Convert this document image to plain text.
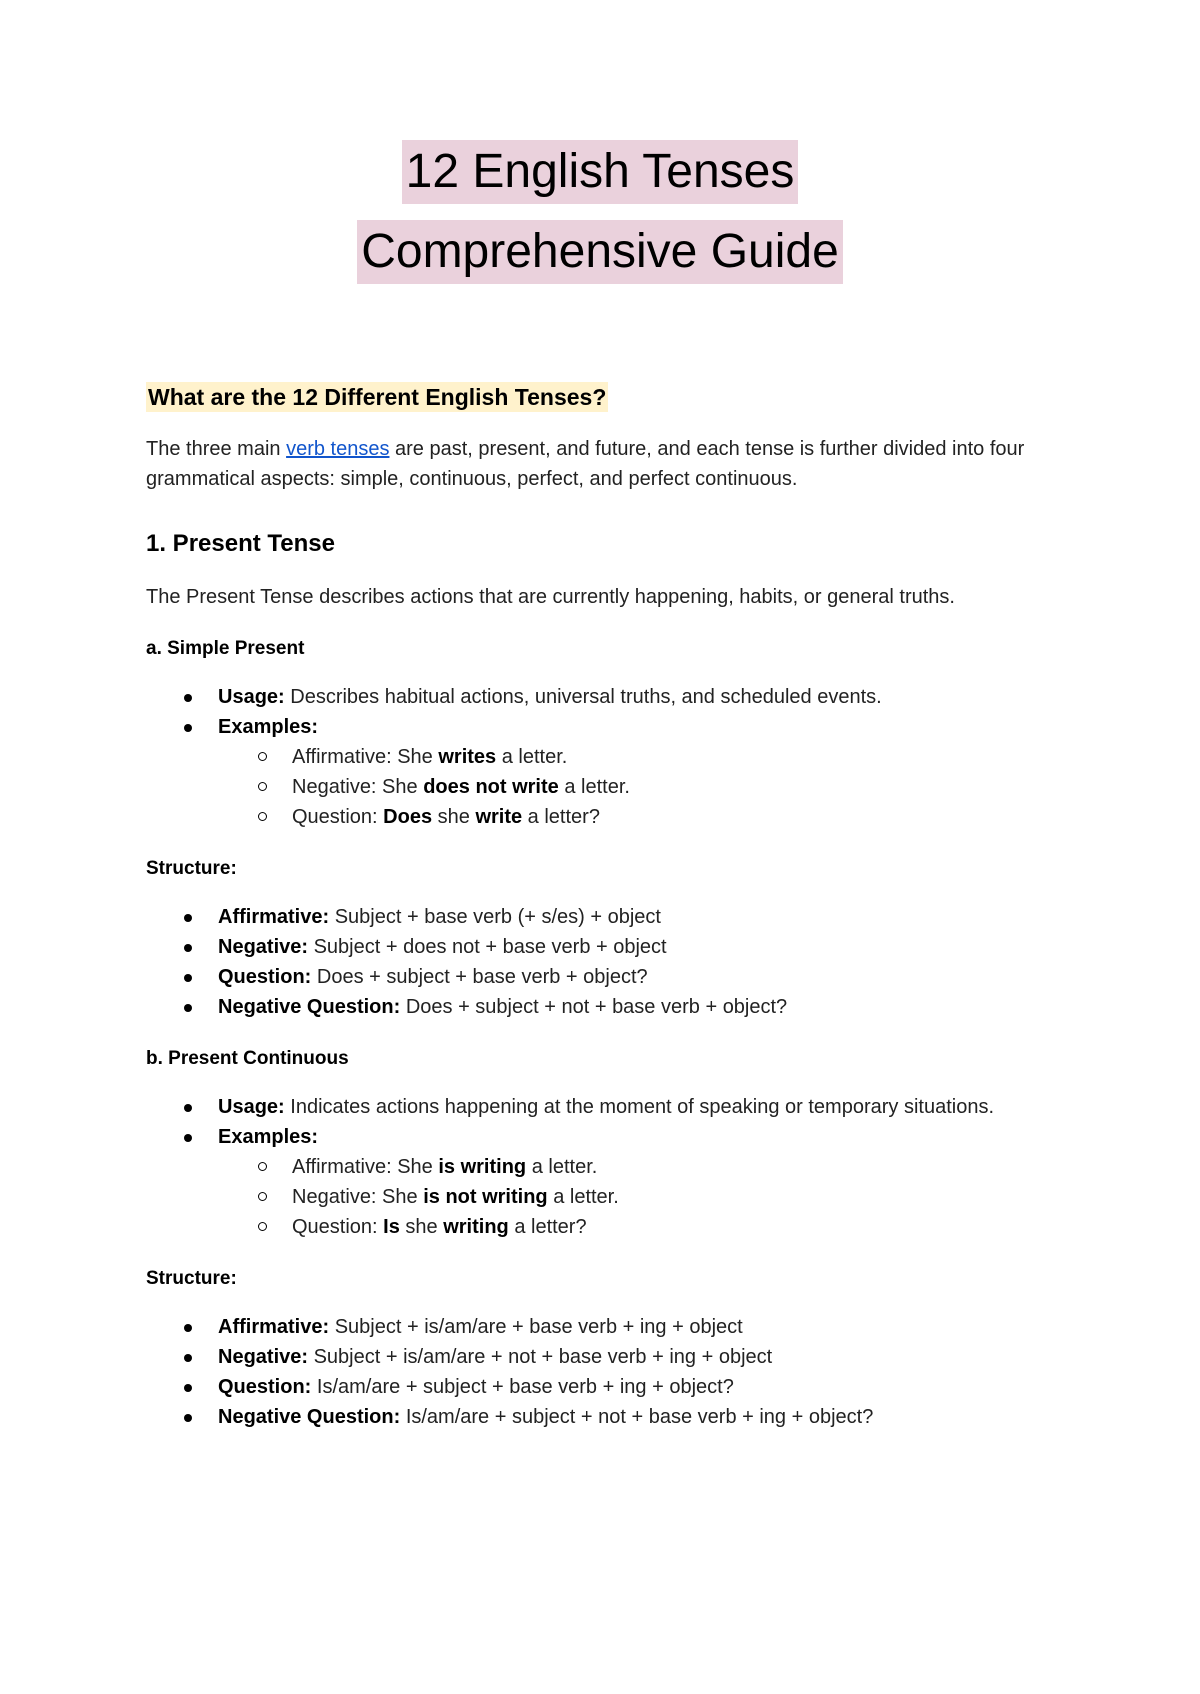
12 English Tenses
Comprehensive Guide
What are the 12 Different English Tenses?

The three main verb tenses are past, present, and future, and each tense is further divided into four grammatical aspects: simple, continuous, perfect, and perfect continuous.

1. Present Tense

The Present Tense describes actions that are currently happening, habits, or general truths.

a. Simple Present
Usage: Describes habitual actions, universal truths, and scheduled events.
Examples:
Affirmative: She writes a letter.
Negative: She does not write a letter.
Question: Does she write a letter?
Structure:
Affirmative: Subject + base verb (+ s/es) + object
Negative: Subject + does not + base verb + object
Question: Does + subject + base verb + object?
Negative Question: Does + subject + not + base verb + object?
b. Present Continuous
Usage: Indicates actions happening at the moment of speaking or temporary situations.
Examples:
Affirmative: She is writing a letter.
Negative: She is not writing a letter.
Question: Is she writing a letter?
Structure:
Affirmative: Subject + is/am/are + base verb + ing + object
Negative: Subject + is/am/are + not + base verb + ing + object
Question: Is/am/are + subject + base verb + ing + object?
Negative Question: Is/am/are + subject + not + base verb + ing + object?
